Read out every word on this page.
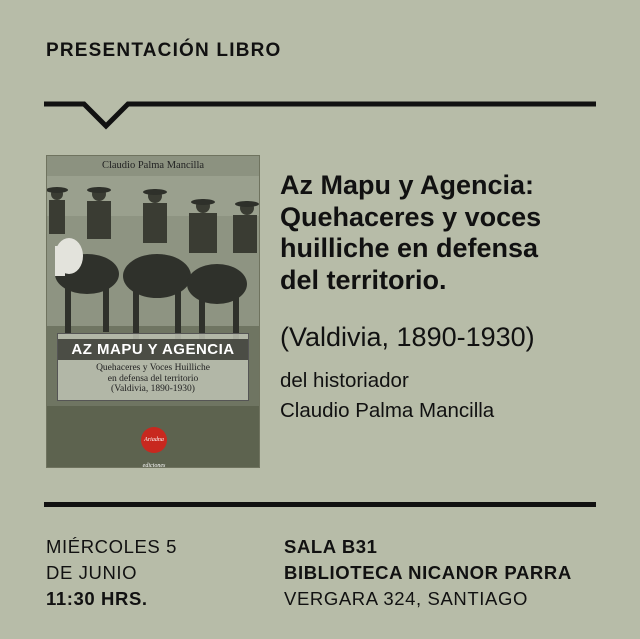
PRESENTACIÓN LIBRO
Claudio Palma Mancilla
AZ MAPU Y AGENCIA
Quehaceres y Voces Huilliche
en defensa del territorio
(Valdivia, 1890-1930)
Ariadna ediciones
Az Mapu y Agencia:
Quehaceres y voces
huilliche en defensa
del territorio.
(Valdivia, 1890-1930)
del historiador
Claudio Palma Mancilla
MIÉRCOLES 5
DE JUNIO
11:30 HRS.
SALA B31
BIBLIOTECA NICANOR PARRA
VERGARA 324, SANTIAGO
